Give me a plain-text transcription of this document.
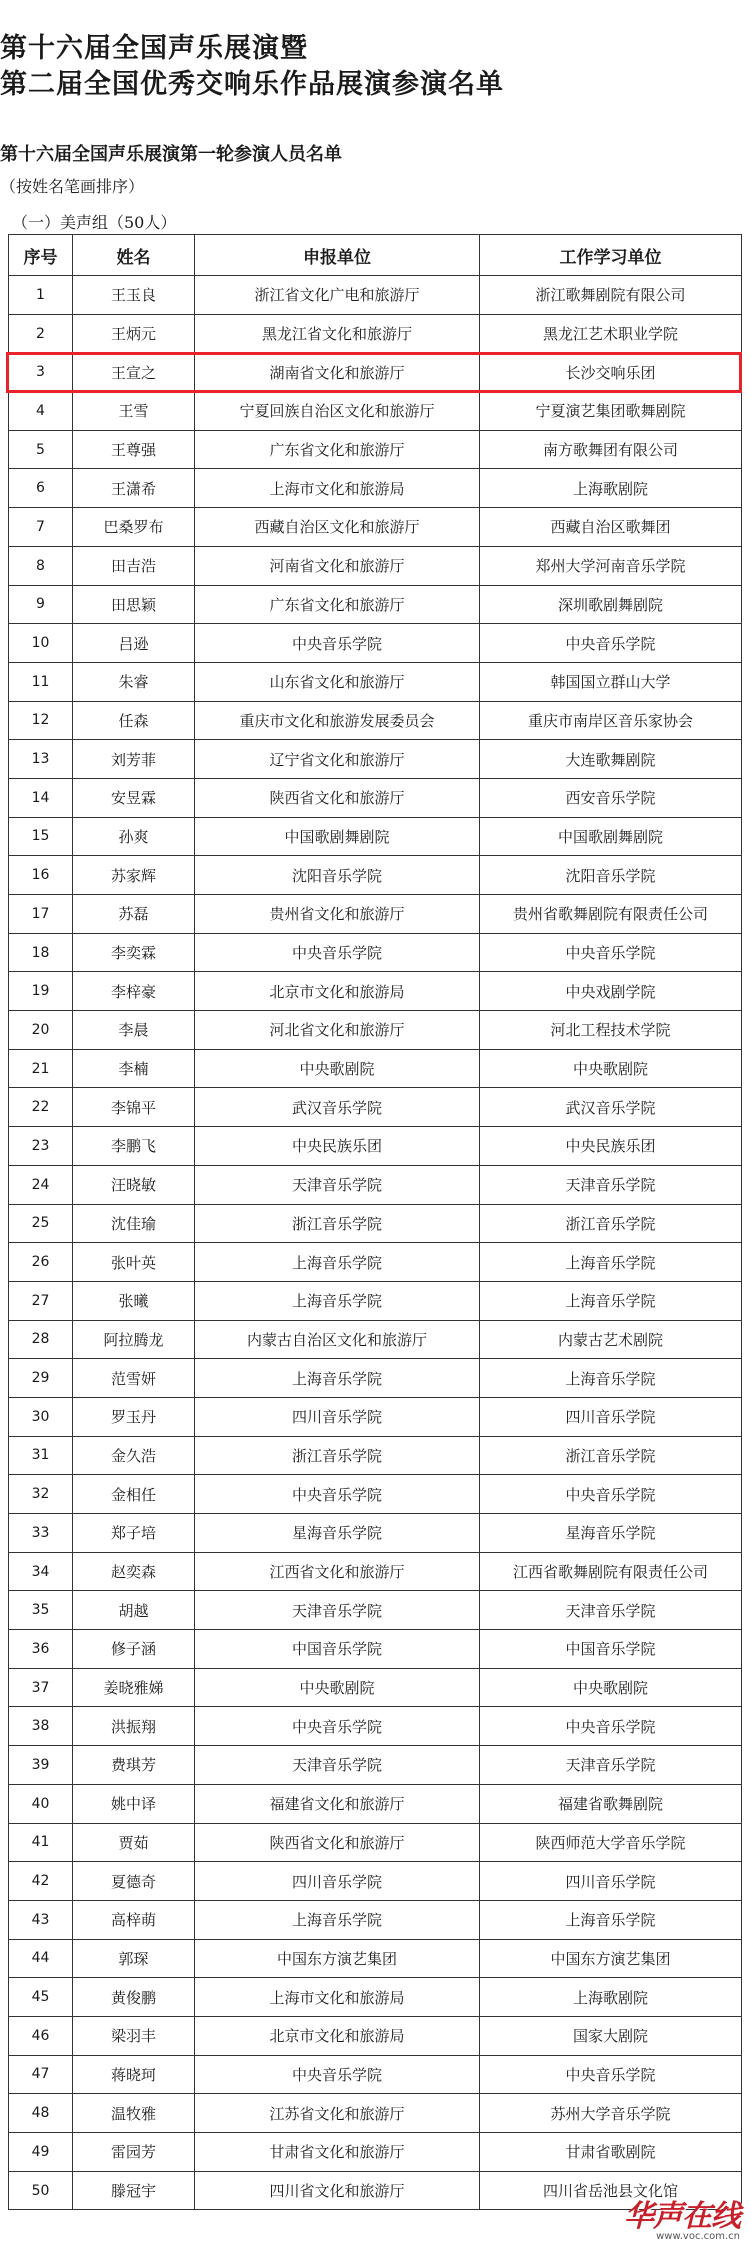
第十六届全国声乐展演暨
第二届全国优秀交响乐作品展演参演名单
第十六届全国声乐展演第一轮参演人员名单
（按姓名笔画排序）
（一）美声组（50人）
序号	姓名	申报单位	工作学习单位
1	王玉良	浙江省文化广电和旅游厅	浙江歌舞剧院有限公司
2	王炳元	黑龙江省文化和旅游厅	黑龙江艺术职业学院
3	王宣之	湖南省文化和旅游厅	长沙交响乐团
4	王雪	宁夏回族自治区文化和旅游厅	宁夏演艺集团歌舞剧院
5	王尊强	广东省文化和旅游厅	南方歌舞团有限公司
6	王潇希	上海市文化和旅游局	上海歌剧院
7	巴桑罗布	西藏自治区文化和旅游厅	西藏自治区歌舞团
8	田吉浩	河南省文化和旅游厅	郑州大学河南音乐学院
9	田思颖	广东省文化和旅游厅	深圳歌剧舞剧院
10	吕逊	中央音乐学院	中央音乐学院
11	朱睿	山东省文化和旅游厅	韩国国立群山大学
12	任森	重庆市文化和旅游发展委员会	重庆市南岸区音乐家协会
13	刘芳菲	辽宁省文化和旅游厅	大连歌舞剧院
14	安昱霖	陕西省文化和旅游厅	西安音乐学院
15	孙爽	中国歌剧舞剧院	中国歌剧舞剧院
16	苏家辉	沈阳音乐学院	沈阳音乐学院
17	苏磊	贵州省文化和旅游厅	贵州省歌舞剧院有限责任公司
18	李奕霖	中央音乐学院	中央音乐学院
19	李梓豪	北京市文化和旅游局	中央戏剧学院
20	李晨	河北省文化和旅游厅	河北工程技术学院
21	李楠	中央歌剧院	中央歌剧院
22	李锦平	武汉音乐学院	武汉音乐学院
23	李鹏飞	中央民族乐团	中央民族乐团
24	汪晓敏	天津音乐学院	天津音乐学院
25	沈佳瑜	浙江音乐学院	浙江音乐学院
26	张叶英	上海音乐学院	上海音乐学院
27	张曦	上海音乐学院	上海音乐学院
28	阿拉腾龙	内蒙古自治区文化和旅游厅	内蒙古艺术剧院
29	范雪妍	上海音乐学院	上海音乐学院
30	罗玉丹	四川音乐学院	四川音乐学院
31	金久浩	浙江音乐学院	浙江音乐学院
32	金相任	中央音乐学院	中央音乐学院
33	郑子培	星海音乐学院	星海音乐学院
34	赵奕森	江西省文化和旅游厅	江西省歌舞剧院有限责任公司
35	胡越	天津音乐学院	天津音乐学院
36	修子涵	中国音乐学院	中国音乐学院
37	姜晓雅娣	中央歌剧院	中央歌剧院
38	洪振翔	中央音乐学院	中央音乐学院
39	费琪芳	天津音乐学院	天津音乐学院
40	姚中译	福建省文化和旅游厅	福建省歌舞剧院
41	贾茹	陕西省文化和旅游厅	陕西师范大学音乐学院
42	夏德奇	四川音乐学院	四川音乐学院
43	高梓萌	上海音乐学院	上海音乐学院
44	郭琛	中国东方演艺集团	中国东方演艺集团
45	黄俊鹏	上海市文化和旅游局	上海歌剧院
46	梁羽丰	北京市文化和旅游局	国家大剧院
47	蒋晓珂	中央音乐学院	中央音乐学院
48	温牧雅	江苏省文化和旅游厅	苏州大学音乐学院
49	雷园芳	甘肃省文化和旅游厅	甘肃省歌剧院
50	滕冠宇	四川省文化和旅游厅	四川省岳池县文化馆
华声在线
www.voc.com.cn
